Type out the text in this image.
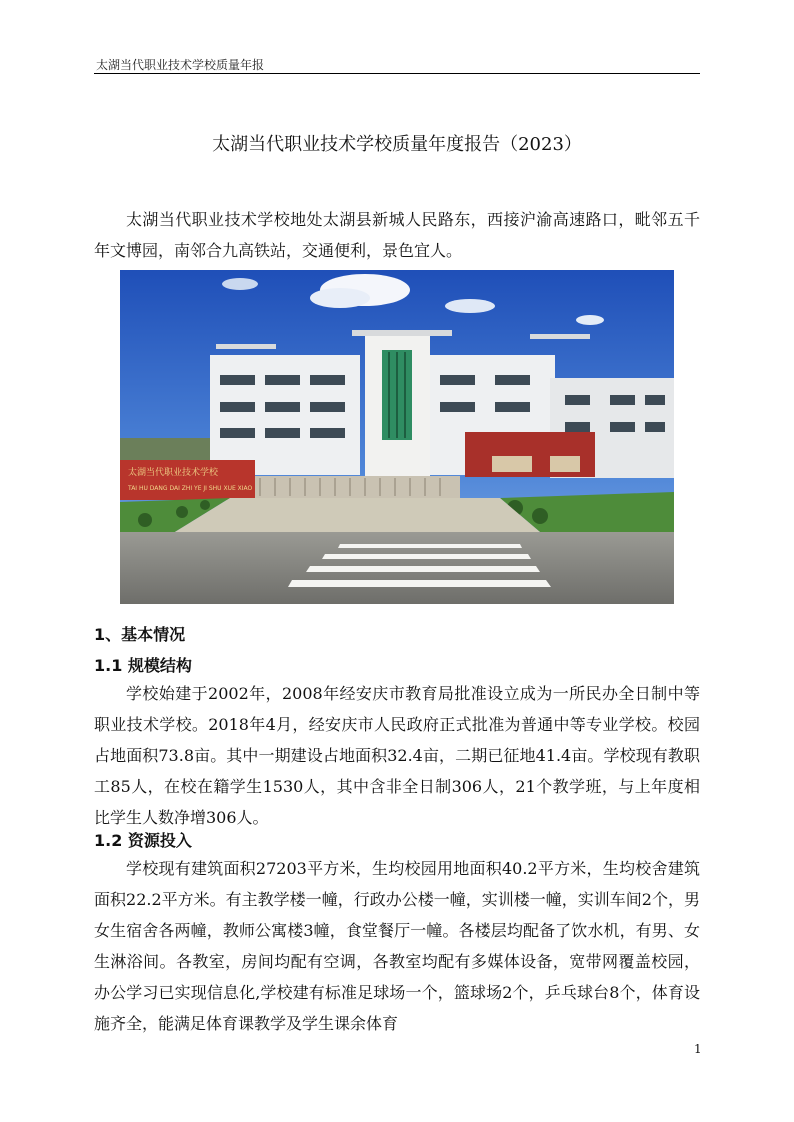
太湖当代职业技术学校质量年报
太湖当代职业技术学校质量年度报告（2023）

太湖当代职业技术学校地处太湖县新城人民路东，西接沪渝高速路口，毗邻五千年文博园，南邻合九高铁站，交通便利，景色宜人。

太湖当代职业技术学校
TAI HU DANG DAI ZHI YE JI SHU XUE XIAO
1、基本情况
1.1 规模结构

学校始建于2002年，2008年经安庆市教育局批准设立成为一所民办全日制中等职业技术学校。2018年4月，经安庆市人民政府正式批准为普通中等专业学校。校园占地面积73.8亩。其中一期建设占地面积32.4亩，二期已征地41.4亩。学校现有教职工85人，在校在籍学生1530人，其中含非全日制306人，21个教学班，与上年度相比学生人数净增306人。

1.2 资源投入

学校现有建筑面积27203平方米，生均校园用地面积40.2平方米，生均校舍建筑面积22.2平方米。有主教学楼一幢，行政办公楼一幢，实训楼一幢，实训车间2个，男女生宿舍各两幢，教师公寓楼3幢，食堂餐厅一幢。各楼层均配备了饮水机，有男、女生淋浴间。各教室，房间均配有空调，各教室均配有多媒体设备，宽带网覆盖校园，办公学习已实现信息化,学校建有标准足球场一个，篮球场2个，乒乓球台8个，体育设施齐全，能满足体育课教学及学生课余体育

1
